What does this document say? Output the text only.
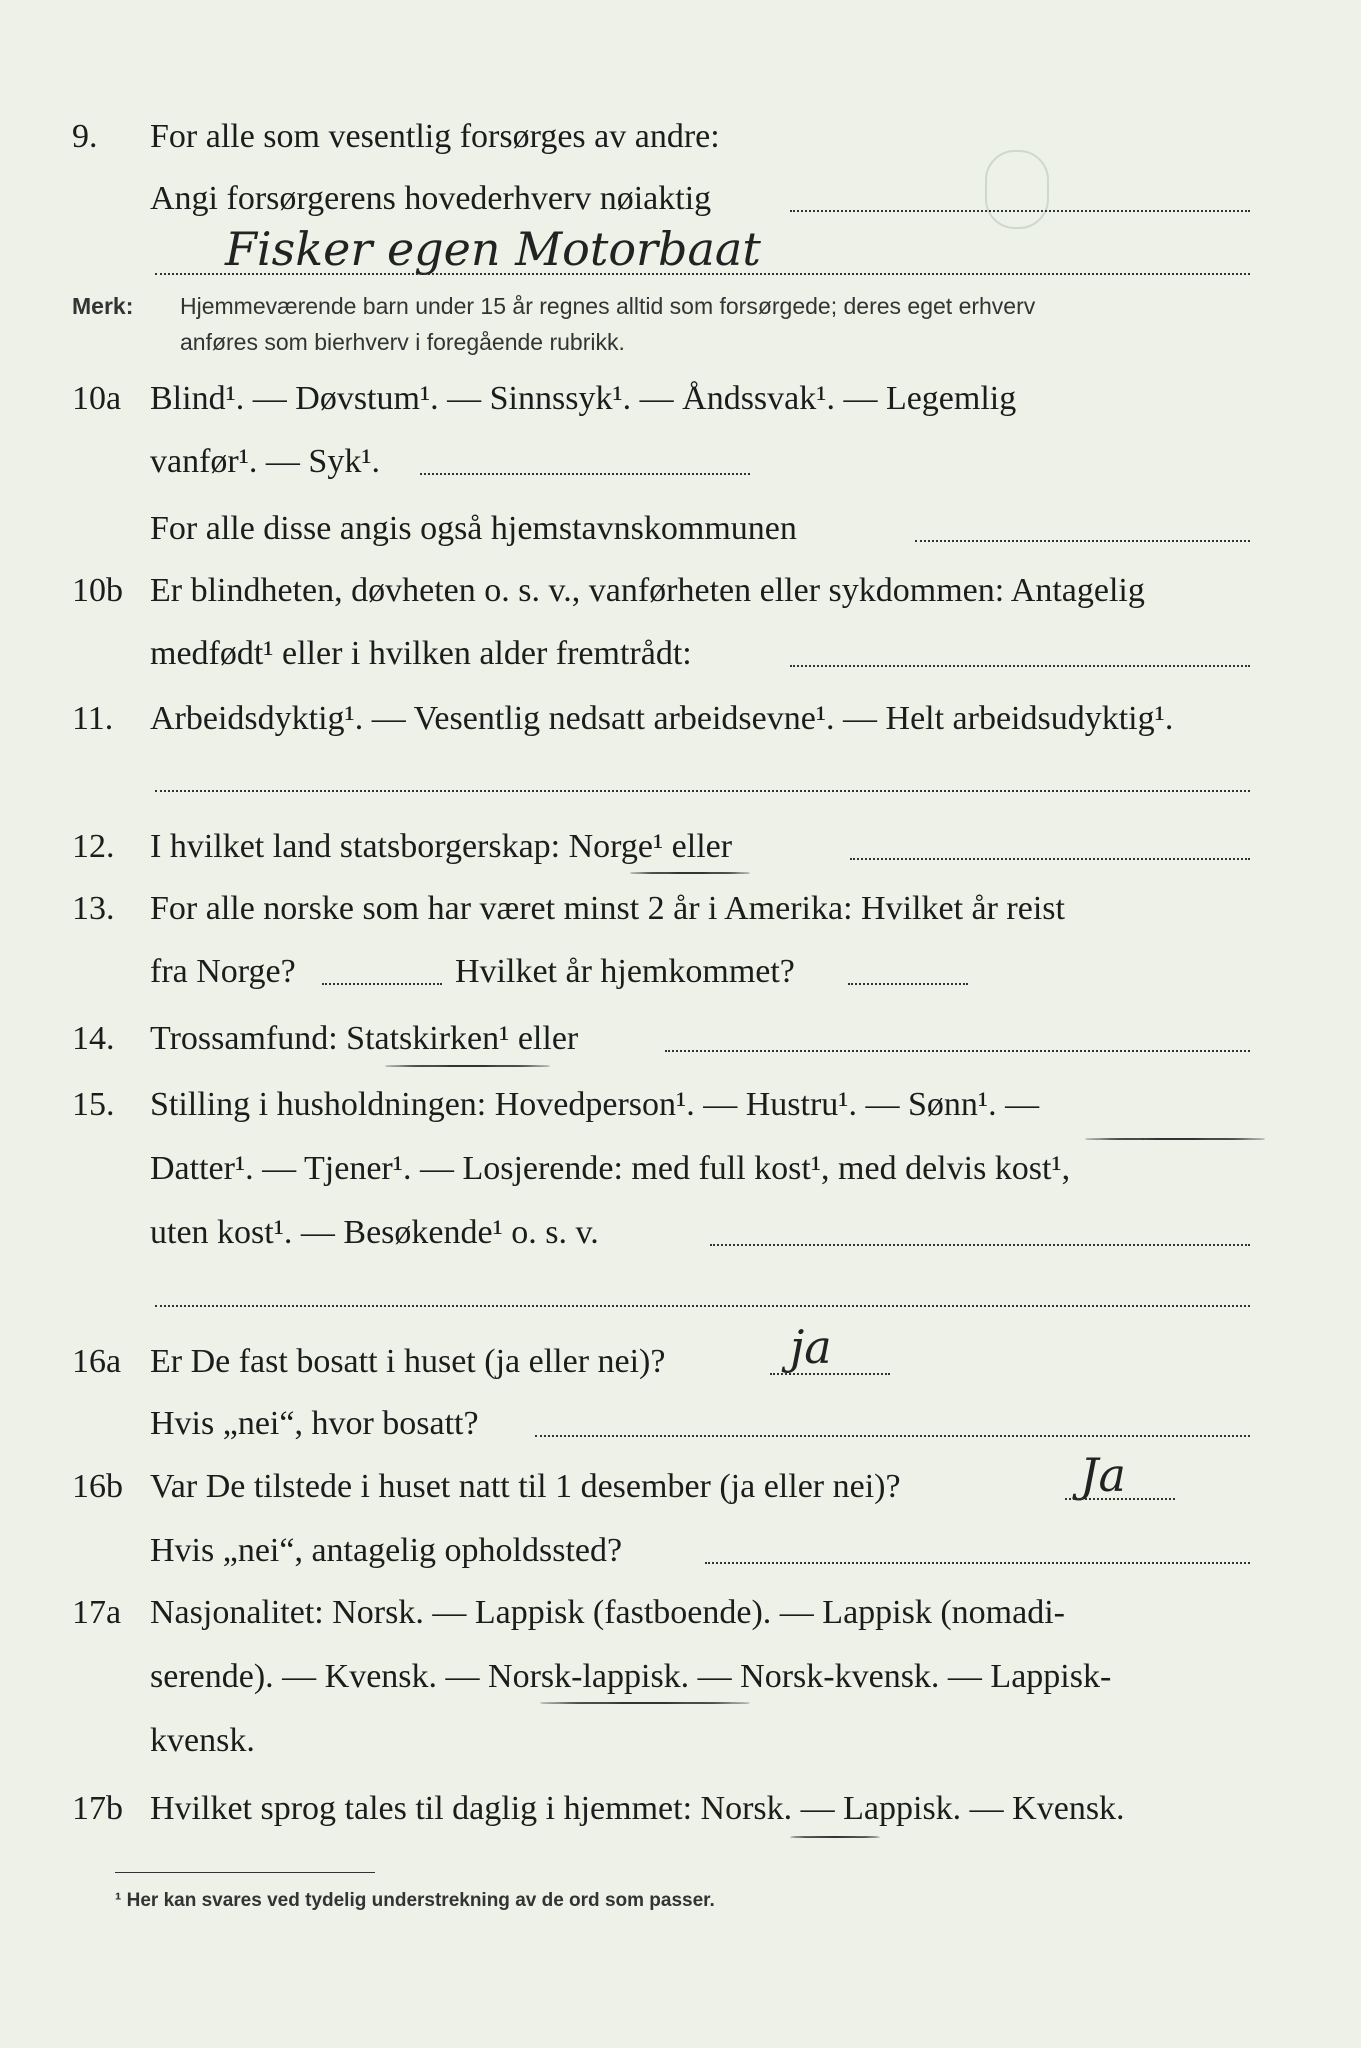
9. For alle som vesentlig forsørges av andre:
Angi forsørgerens hovederhverv nøiaktig
Fisker egen Motorbaat
Merk: Hjemmeværende barn under 15 år regnes alltid som forsørgede; deres eget erhverv
anføres som bierhverv i foregående rubrikk.
10a Blind¹. — Døvstum¹. — Sinnssyk¹. — Åndssvak¹. — Legemlig
vanfør¹. — Syk¹.
For alle disse angis også hjemstavnskommunen
10b Er blindheten, døvheten o. s. v., vanførheten eller sykdommen: Antagelig
medfødt¹ eller i hvilken alder fremtrådt:
11. Arbeidsdyktig¹. — Vesentlig nedsatt arbeidsevne¹. — Helt arbeidsudyktig¹.
12. I hvilket land statsborgerskap: Norge¹ eller
13. For alle norske som har været minst 2 år i Amerika: Hvilket år reist
fra Norge?	Hvilket år hjemkommet?
14. Trossamfund: Statskirken¹ eller
15. Stilling i husholdningen: Hovedperson¹. — Hustru¹. — Sønn¹. —
Datter¹. — Tjener¹. — Losjerende: med full kost¹, med delvis kost¹,
uten kost¹. — Besøkende¹ o. s. v.
16a Er De fast bosatt i huset (ja eller nei)?	ja
Hvis „nei“, hvor bosatt?
16b Var De tilstede i huset natt til 1 desember (ja eller nei)?	Ja
Hvis „nei“, antagelig opholdssted?
17a Nasjonalitet: Norsk. — Lappisk (fastboende). — Lappisk (nomadi-
serende). — Kvensk. — Norsk-lappisk. — Norsk-kvensk. — Lappisk-
kvensk.
17b Hvilket sprog tales til daglig i hjemmet: Norsk. — Lappisk. — Kvensk.
¹ Her kan svares ved tydelig understrekning av de ord som passer.
